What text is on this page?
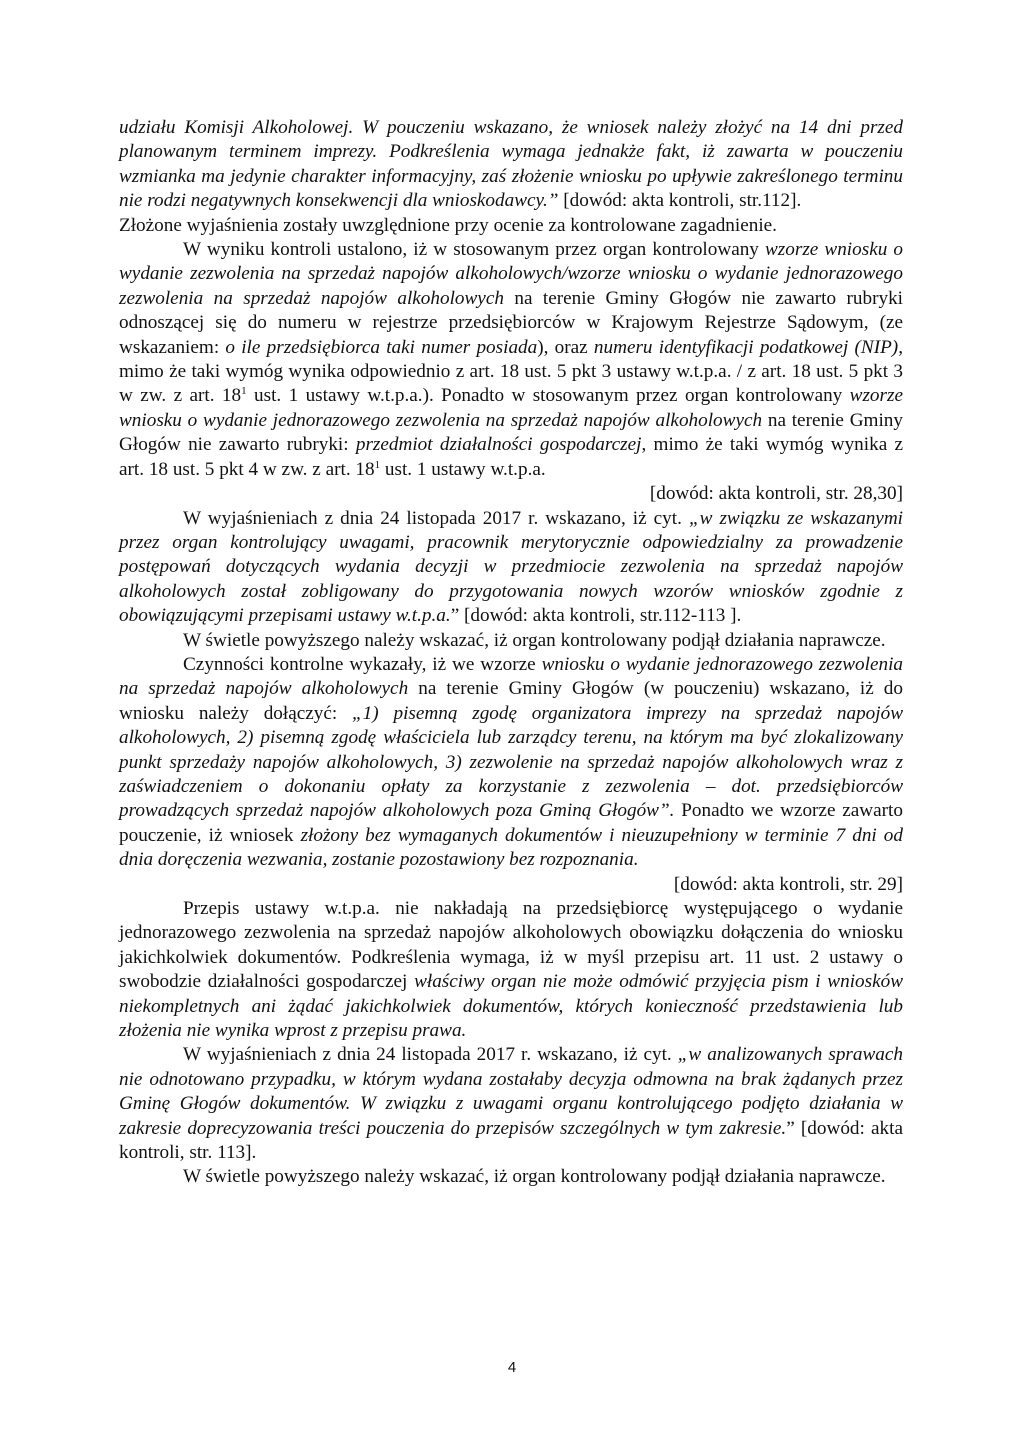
udziału Komisji Alkoholowej. W pouczeniu wskazano, że wniosek należy złożyć na 14 dni przed planowanym terminem imprezy. Podkreślenia wymaga jednakże fakt, iż zawarta w pouczeniu wzmianka ma jedynie charakter informacyjny, zaś złożenie wniosku po upływie zakreślonego terminu nie rodzi negatywnych konsekwencji dla wnioskodawcy.” [dowód: akta kontroli, str.112].

Złożone wyjaśnienia zostały uwzględnione przy ocenie za kontrolowane zagadnienie.

W wyniku kontroli ustalono, iż w stosowanym przez organ kontrolowany wzorze wniosku o wydanie zezwolenia na sprzedaż napojów alkoholowych/wzorze wniosku o wydanie jednorazowego zezwolenia na sprzedaż napojów alkoholowych na terenie Gminy Głogów nie zawarto rubryki odnoszącej się do numeru w rejestrze przedsiębiorców w Krajowym Rejestrze Sądowym, (ze wskazaniem: o ile przedsiębiorca taki numer posiada), oraz numeru identyfikacji podatkowej (NIP), mimo że taki wymóg wynika odpowiednio z art. 18 ust. 5 pkt 3 ustawy w.t.p.a. / z art. 18 ust. 5 pkt 3 w zw. z art. $18^1$ ust. 1 ustawy w.t.p.a.). Ponadto w stosowanym przez organ kontrolowany wzorze wniosku o wydanie jednorazowego zezwolenia na sprzedaż napojów alkoholowych na terenie Gminy Głogów nie zawarto rubryki: przedmiot działalności gospodarczej, mimo że taki wymóg wynika z art. 18 ust. 5 pkt 4 w zw. z art. $18^1$ ust. 1 ustawy w.t.p.a.

[dowód: akta kontroli, str. 28,30]

W wyjaśnieniach z dnia 24 listopada 2017 r. wskazano, iż cyt. „w związku ze wskazanymi przez organ kontrolujący uwagami, pracownik merytorycznie odpowiedzialny za prowadzenie postępowań dotyczących wydania decyzji w przedmiocie zezwolenia na sprzedaż napojów alkoholowych został zobligowany do przygotowania nowych wzorów wniosków zgodnie z obowiązującymi przepisami ustawy w.t.p.a.” [dowód: akta kontroli, str.112-113 ].

W świetle powyższego należy wskazać, iż organ kontrolowany podjął działania naprawcze.

Czynności kontrolne wykazały, iż we wzorze wniosku o wydanie jednorazowego zezwolenia na sprzedaż napojów alkoholowych na terenie Gminy Głogów (w pouczeniu) wskazano, iż do wniosku należy dołączyć: „1) pisemną zgodę organizatora imprezy na sprzedaż napojów alkoholowych, 2) pisemną zgodę właściciela lub zarządcy terenu, na którym ma być zlokalizowany punkt sprzedaży napojów alkoholowych, 3) zezwolenie na sprzedaż napojów alkoholowych wraz z zaświadczeniem o dokonaniu opłaty za korzystanie z zezwolenia – dot. przedsiębiorców prowadzących sprzedaż napojów alkoholowych poza Gminą Głogów”. Ponadto we wzorze zawarto pouczenie, iż wniosek złożony bez wymaganych dokumentów i nieuzupełniony w terminie 7 dni od dnia doręczenia wezwania, zostanie pozostawiony bez rozpoznania.

[dowód: akta kontroli, str. 29]

Przepis ustawy w.t.p.a. nie nakładają na przedsiębiorcę występującego o wydanie jednorazowego zezwolenia na sprzedaż napojów alkoholowych obowiązku dołączenia do wniosku jakichkolwiek dokumentów. Podkreślenia wymaga, iż w myśl przepisu art. 11 ust. 2 ustawy o swobodzie działalności gospodarczej właściwy organ nie może odmówić przyjęcia pism i wniosków niekompletnych ani żądać jakichkolwiek dokumentów, których konieczność przedstawienia lub złożenia nie wynika wprost z przepisu prawa.

W wyjaśnieniach z dnia 24 listopada 2017 r. wskazano, iż cyt. „w analizowanych sprawach nie odnotowano przypadku, w którym wydana zostałaby decyzja odmowna na brak żądanych przez Gminę Głogów dokumentów. W związku z uwagami organu kontrolującego podjęto działania w zakresie doprecyzowania treści pouczenia do przepisów szczególnych w tym zakresie.” [dowód: akta kontroli, str. 113].

W świetle powyższego należy wskazać, iż organ kontrolowany podjął działania naprawcze.

4
